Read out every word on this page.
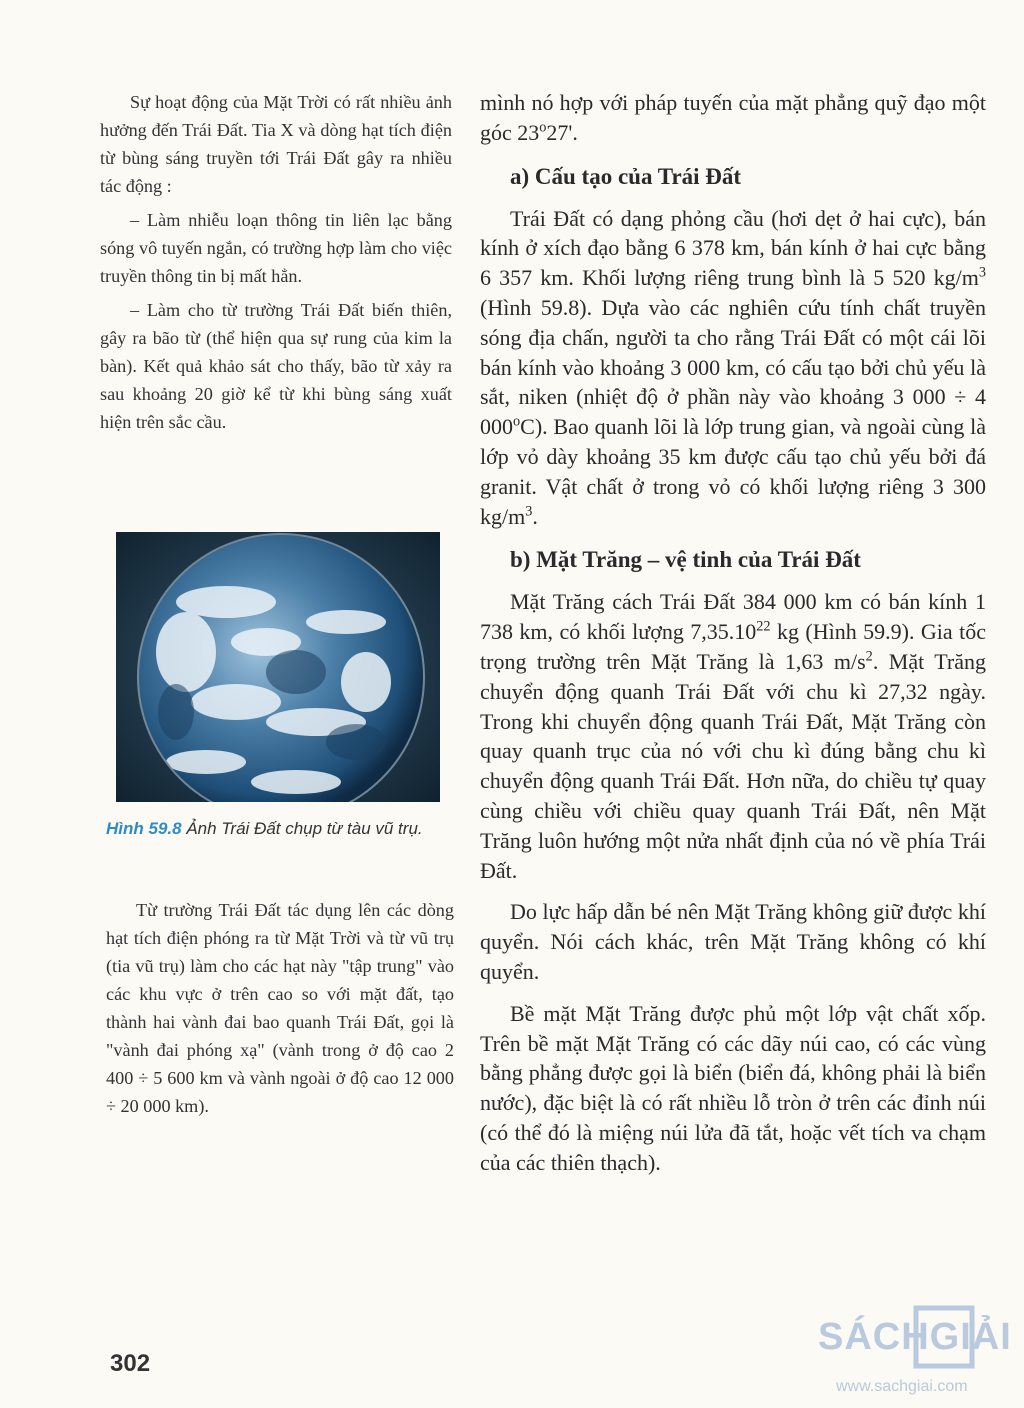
Sự hoạt động của Mặt Trời có rất nhiều ảnh hưởng đến Trái Đất. Tia X và dòng hạt tích điện từ bùng sáng truyền tới Trái Đất gây ra nhiều tác động :

– Làm nhiễu loạn thông tin liên lạc bằng sóng vô tuyến ngắn, có trường hợp làm cho việc truyền thông tin bị mất hẳn.

– Làm cho từ trường Trái Đất biến thiên, gây ra bão từ (thể hiện qua sự rung của kim la bàn). Kết quả khảo sát cho thấy, bão từ xảy ra sau khoảng 20 giờ kể từ khi bùng sáng xuất hiện trên sắc cầu.

Hình 59.8 Ảnh Trái Đất chụp từ tàu vũ trụ.

Từ trường Trái Đất tác dụng lên các dòng hạt tích điện phóng ra từ Mặt Trời và từ vũ trụ (tia vũ trụ) làm cho các hạt này "tập trung" vào các khu vực ở trên cao so với mặt đất, tạo thành hai vành đai bao quanh Trái Đất, gọi là "vành đai phóng xạ" (vành trong ở độ cao 2 400 ÷ 5 600 km và vành ngoài ở độ cao 12 000 ÷ 20 000 km).

mình nó hợp với pháp tuyến của mặt phẳng quỹ đạo một góc 23$^o$27'.

a) Cấu tạo của Trái Đất

Trái Đất có dạng phỏng cầu (hơi dẹt ở hai cực), bán kính ở xích đạo bằng 6 378 km, bán kính ở hai cực bằng 6 357 km. Khối lượng riêng trung bình là 5 520 $kg/m^3$ (Hình 59.8). Dựa vào các nghiên cứu tính chất truyền sóng địa chấn, người ta cho rằng Trái Đất có một cái lõi bán kính vào khoảng 3 000 km, có cấu tạo bởi chủ yếu là sắt, niken (nhiệt độ ở phần này vào khoảng 3 000 ÷ 4 000$^o$C). Bao quanh lõi là lớp trung gian, và ngoài cùng là lớp vỏ dày khoảng 35 km được cấu tạo chủ yếu bởi đá granit. Vật chất ở trong vỏ có khối lượng riêng 3 300 $kg/m^3$.

b) Mặt Trăng – vệ tinh của Trái Đất

Mặt Trăng cách Trái Đất 384 000 km có bán kính 1 738 km, có khối lượng 7,35.10$^{22}$ kg (Hình 59.9). Gia tốc trọng trường trên Mặt Trăng là 1,63 $m/s^2$. Mặt Trăng chuyển động quanh Trái Đất với chu kì 27,32 ngày. Trong khi chuyển động quanh Trái Đất, Mặt Trăng còn quay quanh trục của nó với chu kì đúng bằng chu kì chuyển động quanh Trái Đất. Hơn nữa, do chiều tự quay cùng chiều với chiều quay quanh Trái Đất, nên Mặt Trăng luôn hướng một nửa nhất định của nó về phía Trái Đất.

Do lực hấp dẫn bé nên Mặt Trăng không giữ được khí quyển. Nói cách khác, trên Mặt Trăng không có khí quyển.

Bề mặt Mặt Trăng được phủ một lớp vật chất xốp. Trên bề mặt Mặt Trăng có các dãy núi cao, có các vùng bằng phẳng được gọi là biển (biển đá, không phải là biển nước), đặc biệt là có rất nhiều lỗ tròn ở trên các đỉnh núi (có thể đó là miệng núi lửa đã tắt, hoặc vết tích va chạm của các thiên thạch).

302
SÁCHGIẢI
www.sachgiai.com
